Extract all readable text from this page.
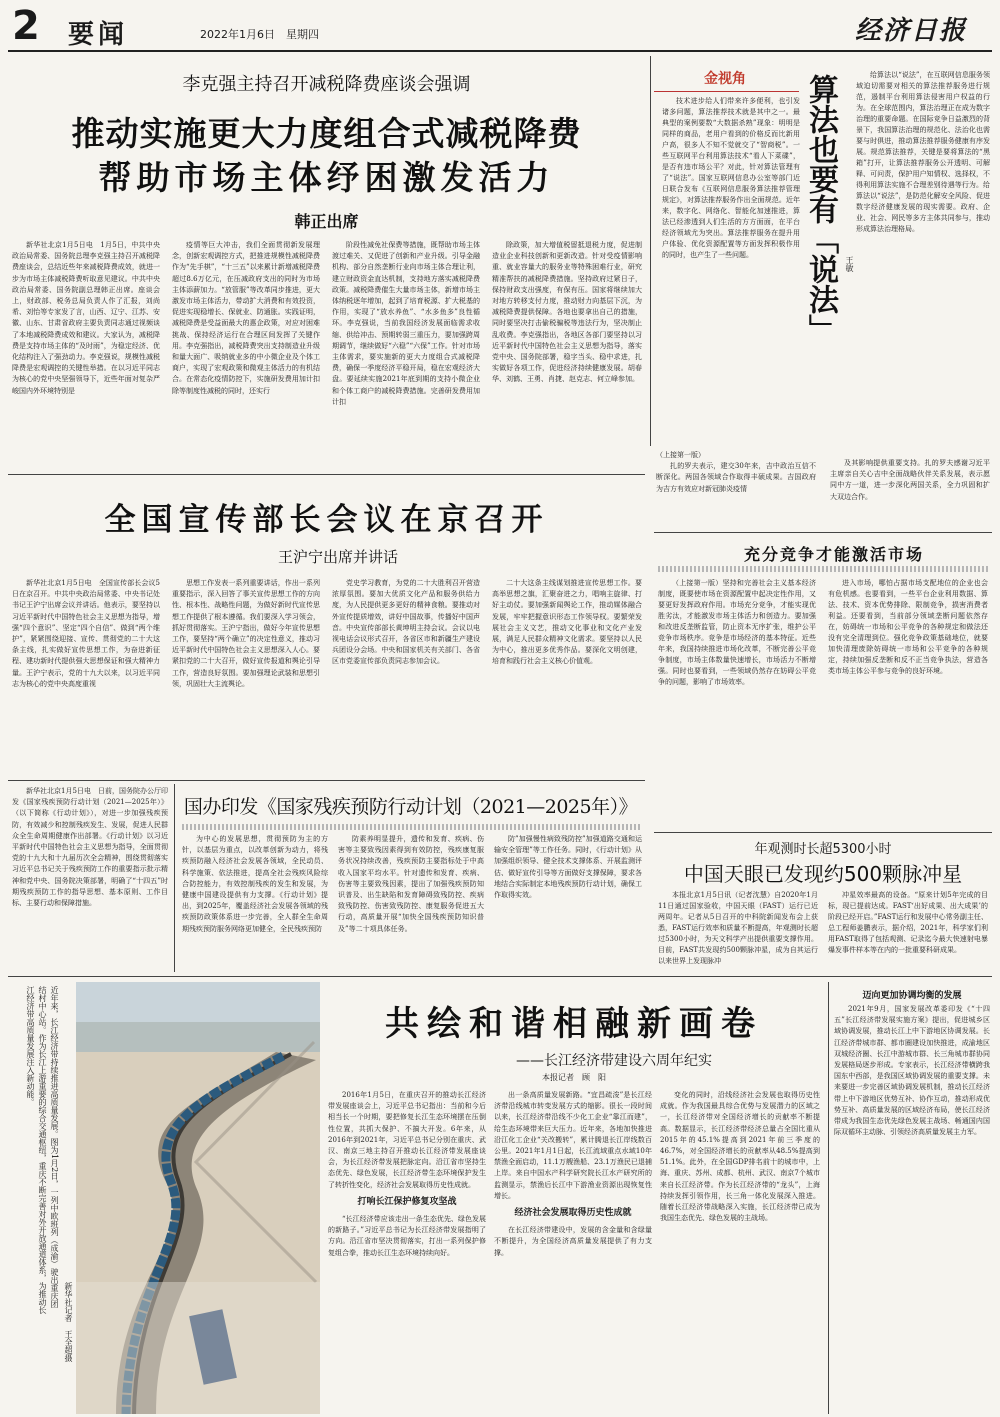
2 要闻	2022年1月6日　星期四	经济日报
李克强主持召开减税降费座谈会强调
推动实施更大力度组合式减税降费
帮助市场主体纾困激发活力
韩正出席

新华社北京1月5日电　1月5日，中共中央政治局常委、国务院总理李克强主持召开减税降费座谈会，总结近些年来减税降费成效，就进一步为市场主体减税降费听取意见建议。中共中央政治局常委、国务院副总理韩正出席。座谈会上，财政部、税务总局负责人作了汇报，刘尚希、刘怡等专家发了言，山西、辽宁、江苏、安徽、山东、甘肃省政府主要负责同志通过视频谈了本地减税降费成效和建议。大家认为，减税降费是支持市场主体的“及时雨”，为稳定经济、优化结构注入了强劲动力。李克强说，规模性减税降费是宏观调控的关键性举措。在以习近平同志为核心的党中央坚强领导下，近些年面对复杂严峻国内外环境特别是

疫情等巨大冲击，我们全面贯彻新发展理念，创新宏观调控方式，把推进规模性减税降费作为“先手棋”，“十三五”以来累计新增减税降费超过8.6万亿元，在压减政府支出的同时为市场主体添薪加力。“放管服”等改革同步推进，更大激发市场主体活力，带动扩大消费和有效投资，促进实现稳增长、保就业、防通胀。实践证明，减税降费是受益面最大的惠企政策，对应对困难挑战、保持经济运行在合理区间发挥了关键作用。李克强指出，减税降费突出支持制造业升级和量大面广、吸纳就业多的中小微企业及个体工商户，实现了宏观政策和微观主体活力的有机结合。在常态化疫情防控下，实施研发费用加计扣除等制度性减税的同时，还实行

阶段性减免社保费等措施，既帮助市场主体渡过难关、又促进了创新和产业升级。引导金融机构、部分自然垄断行业向市场主体合理让利，建立财政资金直达机制，支持地方落实减税降费政策。减税降费催生大量市场主体，新增市场主体纳税逐年增加，起到了培育税源、扩大税基的作用，实现了“放水养鱼”、“水多鱼多”良性循环。李克强说，当前我国经济发展面临需求收缩、供给冲击、预期转弱三重压力，要加强跨周期调节，继续做好“六稳”“六保”工作。针对市场主体需求，要实施新的更大力度组合式减税降费，确保一季度经济平稳开局，稳在宏观经济大盘。要延续实施2021年底到期的支持小微企业和个体工商户的减税降费措施。完善研发费用加计扣

除政策，加大增值税留抵退税力度，促进制造业企业科技创新和更新改造。针对受疫情影响重、就业容量大的服务业等特殊困难行业，研究精准帮扶的减税降费措施。坚持政府过紧日子，保持财政支出强度，有保有压。国家将继续加大对地方转移支付力度，推动财力向基层下沉，为减税降费提供保障。各地也要拿出自己的措施，同时要坚决打击偷税骗税等违法行为，坚决制止乱收费。李克强指出，各地区各部门要坚持以习近平新时代中国特色社会主义思想为指导，落实党中央、国务院部署，稳字当头、稳中求进，扎实做好各项工作，促进经济持续健康发展。胡春华、刘鹤、王勇、肖捷、赵克志、何立峰参加。

金视角

技术进步给人们带来许多便利，也引发诸多问题，算法推荐技术就是其中之一。最典型的案例要数“大数据杀熟”现象：明明是同样的商品，老用户看到的价格反而比新用户高，很多人不知不觉就交了“智商税”。一些互联网平台利用算法技术“看人下菜碟”，是否有违市场公平？对此，针对算法管理有了“说法”。国家互联网信息办公室等部门近日联合发布《互联网信息服务算法推荐管理规定》，对算法推荐服务作出全面规范。近年来，数字化、网络化、智能化加速推进，算法已经渗透到人们生活的方方面面，在平台经济领域尤为突出。算法推荐服务在提升用户体验、优化资源配置等方面发挥积极作用的同时，也产生了一些问题。	算法也要有「说法」 王敏

给算法以“说法”，在互联网信息服务领域迫切需要对相关的算法推荐服务进行规范，遏制平台利用算法侵害用户权益的行为。在全球范围内，算法治理正在成为数字治理的重要命题。在国际竞争日益激烈的背景下，我国算法治理的规范化、法治化也需要与时俱进，推动算法推荐服务健康有序发展。规范算法推荐，关键是要将算法的“黑箱”打开，让算法推荐服务公开透明、可解释、可问责，保护用户知情权、选择权，不得利用算法实施不合理差别待遇等行为。给算法以“说法”，是防范化解安全风险、促进数字经济健康发展的现实需要。政府、企业、社会、网民等多方主体共同参与，推动形成算法治理格局。

（上接第一版）

扎的罗夫表示，建交30年来，吉中政治互信不断深化。两国各领域合作取得丰硕成果。吉国政府为吉方有效应对新冠肺炎疫情

及其影响提供重要支持。扎的罗夫感谢习近平主席亲自关心吉中全面战略伙伴关系发展，表示愿同中方一道，进一步深化两国关系，全力巩固和扩大双边合作。

全国宣传部长会议在京召开
王沪宁出席并讲话

新华社北京1月5日电　全国宣传部长会议5日在京召开。中共中央政治局常委、中央书记处书记王沪宁出席会议并讲话。他表示，要坚持以习近平新时代中国特色社会主义思想为指导，增强“四个意识”、坚定“四个自信”、做到“两个维护”，紧紧围绕迎接、宣传、贯彻党的二十大这条主线，扎实做好宣传思想工作，为奋进新征程、建功新时代提供强大思想保证和强大精神力量。王沪宁表示，党的十九大以来，以习近平同志为核心的党中央高度重视

思想工作发表一系列重要讲话，作出一系列重要指示，深入回答了事关宣传思想工作的方向性、根本性、战略性问题，为做好新时代宣传思想工作提供了根本遵循。我们要深入学习领会，抓好贯彻落实。王沪宁指出，做好今年宣传思想工作，要坚持“两个确立”的决定性意义，推动习近平新时代中国特色社会主义思想深入人心。要紧扣党的二十大召开，做好宣传报道和舆论引导工作，营造良好氛围。要加强理论武装和思想引领，巩固壮大主流舆论。

党史学习教育，为党的二十大胜利召开营造浓厚氛围。要加大优质文化产品和服务供给力度，为人民提供更多更好的精神食粮。要推动对外宣传提质增效，讲好中国故事，传播好中国声音。中央宣传部部长黄坤明主持会议。会议以电视电话会议形式召开，各省区市和新疆生产建设兵团设分会场。中央和国家机关有关部门、各省区市党委宣传部负责同志参加会议。

二十大这条主线谋划推进宣传思想工作。要高举思想之旗，汇聚奋进之力，唱响主旋律、打好主动仗。要加强新闻舆论工作，推动媒体融合发展，牢牢把握意识形态工作领导权。要繁荣发展社会主义文艺，推动文化事业和文化产业发展，满足人民群众精神文化需求。要坚持以人民为中心，推出更多优秀作品。要深化文明创建，培育和践行社会主义核心价值观。

充分竞争才能激活市场

（上接第一版）坚持和完善社会主义基本经济制度，既要使市场在资源配置中起决定性作用，又要更好发挥政府作用。市场充分竞争，才能实现优胜劣汰，才能激发市场主体活力和创造力。要加强和改进反垄断监管，防止资本无序扩张，维护公平竞争市场秩序。竞争是市场经济的基本特征。近些年来，我国持续推进市场化改革，不断完善公平竞争制度，市场主体数量快速增长，市场活力不断增强。同时也要看到，一些领域仍然存在妨碍公平竞争的问题，影响了市场效率。

进入市场，哪怕占据市场支配地位的企业也会有危机感。也要看到，一些平台企业利用数据、算法、技术、资本优势排除、限制竞争，损害消费者利益。还要看到，当前部分领域垄断问题依然存在，妨碍统一市场和公平竞争的各种规定和做法还没有完全清理到位。强化竞争政策基础地位，就要加快清理废除妨碍统一市场和公平竞争的各种规定，持续加强反垄断和反不正当竞争执法，营造各类市场主体公平参与竞争的良好环境。

新华社北京1月5日电　日前，国务院办公厅印发《国家残疾预防行动计划（2021—2025年）》（以下简称《行动计划》），对进一步加强残疾预防，有效减少和控制残疾发生、发展，促进人民群众全生命周期健康作出部署。《行动计划》以习近平新时代中国特色社会主义思想为指导，全面贯彻党的十九大和十九届历次全会精神，围绕贯彻落实习近平总书记关于残疾预防工作的重要指示批示精神和党中央、国务院决策部署，明确了“十四五”时期残疾预防工作的指导思想、基本原则、工作目标、主要行动和保障措施。

国办印发《国家残疾预防行动计划（2021—2025年）》

为中心的发展思想，贯彻预防为主的方针，以基层为重点，以改革创新为动力，将残疾预防融入经济社会发展各领域，全民动员、科学施策、依法推进，提高全社会残疾风险综合防控能力，有效控制残疾的发生和发展，为健康中国建设提供有力支撑。《行动计划》提出，到2025年，覆盖经济社会发展各领域的残疾预防政策体系进一步完善，全人群全生命周期残疾预防服务网络更加健全，全民残疾预防

防素养明显提升，遗传和发育、疾病、伤害等主要致残因素得到有效防控，残疾康复服务状况持续改善，残疾预防主要指标处于中高收入国家平均水平。针对遗传和发育、疾病、伤害等主要致残因素，提出了加强残疾预防知识普及、出生缺陷和发育障碍致残防控、疾病致残防控、伤害致残防控、康复服务促进五大行动，高质量开展“加快全国残疾预防知识普及”等二十项具体任务。

防”加强慢性病致残防控”加强道路交通和运输安全管理”等工作任务。同时，《行动计划》从加强组织领导、健全技术支撑体系、开展监测评估、做好宣传引导等方面做好支撑保障，要求各地结合实际制定本地残疾预防行动计划，确保工作取得实效。

年观测时长超5300小时
中国天眼已发现约500颗脉冲星

本报北京1月5日讯（记者沈慧）自2020年1月11日通过国家验收，中国天眼（FAST）运行已近两周年。记者从5日召开的中科院新闻发布会上获悉，FAST运行效率和质量不断提高，年观测时长超过5300小时，为天文科学产出提供重要支撑作用。目前，FAST共发现约500颗脉冲星，成为自其运行以来世界上发现脉冲

冲星效率最高的设备。“原来计划5年完成的目标，现已提前达成。FAST‘出好成果、出大成果’的阶段已经开启。”FAST运行和发展中心常务副主任、总工程师姜鹏表示，据介绍，2021年，科学家们利用FAST取得了包括观测、记录迄今最大快速射电暴爆发事件样本等在内的一批重要科研成果。

近年来，长江经济带持续推进高质量发展。图为1月2日，一列中欧班列（成渝）驶出重庆团结村中心站。作为长江上游重要的综合交通枢纽，重庆不断完善对外开放通道体系，为推动长江经济带高质量发展注入新动能。
新华社记者　王全超摄
共绘和谐相融新画卷
——长江经济带建设六周年纪实
本报记者　顾　阳

2016年1月5日，在重庆召开的推动长江经济带发展座谈会上，习近平总书记指出：当前和今后相当长一个时期，要把修复长江生态环境摆在压倒性位置，共抓大保护、不搞大开发。6年来，从2016年到2021年，习近平总书记分别在重庆、武汉、南京三地主持召开推动长江经济带发展座谈会，为长江经济带发展把脉定向。沿江省市坚持生态优先、绿色发展，长江经济带生态环境保护发生了转折性变化，经济社会发展取得历史性成就。

打响长江保护修复攻坚战

“长江经济带应该走出一条生态优先、绿色发展的新路子。”习近平总书记为长江经济带发展指明了方向。沿江省市坚决贯彻落实，打出一系列保护修复组合拳，推动长江生态环境持续向好。

出一条高质量发展新路。“宜昌疏浚”是长江经济带沿线城市转变发展方式的缩影。很长一段时间以来，长江经济带沿线不少化工企业“靠江而建”，给生态环境带来巨大压力。近年来，各地加快推进沿江化工企业“关改搬转”，累计腾退长江岸线数百公里。2021年1月1日起，长江流域重点水域10年禁渔全面启动，11.1万艘渔船、23.1万渔民已退捕上岸。来自中国水产科学研究院长江水产研究所的监测显示，禁渔后长江中下游渔业资源出现恢复性增长。

经济社会发展取得历史性成就

在长江经济带建设中，发展的含金量和含绿量不断提升，为全国经济高质量发展提供了有力支撑。

变化的同时，沿线经济社会发展也取得历史性成就。作为我国最具综合优势与发展潜力的区域之一，长江经济带对全国经济增长的贡献率不断提高。数据显示，长江经济带经济总量占全国比重从2015年的45.1%提高到2021年前三季度的46.7%，对全国经济增长的贡献率从48.5%提高到51.1%。此外，在全国GDP排名前十的城市中，上海、重庆、苏州、成都、杭州、武汉、南京7个城市来自长江经济带。作为长江经济带的“龙头”，上海持续发挥引领作用，长三角一体化发展深入推进。随着长江经济带战略深入实施，长江经济带已成为我国生态优先、绿色发展的主战场。

迈向更加协调均衡的发展

2021年9月，国家发展改革委印发《“十四五”长江经济带发展实施方案》提出，促进城乡区域协调发展，推动长江上中下游地区协调发展。长江经济带城市群、都市圈建设加快推进，成渝地区双城经济圈、长江中游城市群、长三角城市群协同发展格局逐步形成。专家表示，长江经济带横跨我国东中西部，是我国区域协调发展的重要支撑。未来要进一步完善区域协调发展机制，推动长江经济带上中下游地区优势互补、协作互动，推动形成优势互补、高质量发展的区域经济布局，使长江经济带成为我国生态优先绿色发展主战场、畅通国内国际双循环主动脉、引领经济高质量发展主力军。
